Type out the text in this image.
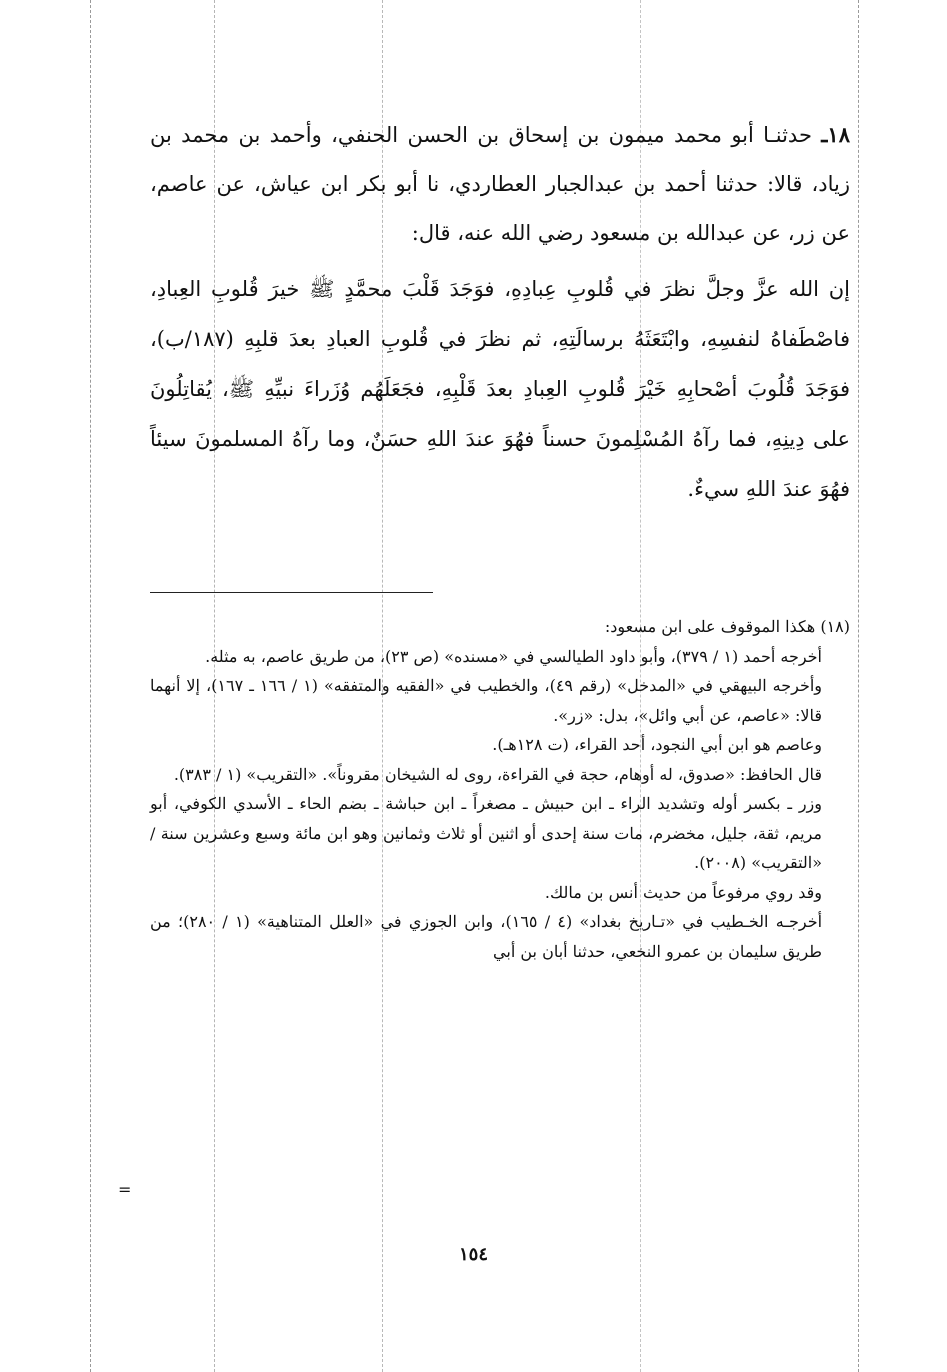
١٨ـ حدثنـا أبو محمد ميمون بن إسحاق بن الحسن الحنفي، وأحمد بن محمد بن زياد، قالا: حدثنا أحمد بن عبدالجبار العطاردي، نا أبو بكر ابن عياش، عن عاصم، عن زر، عن عبدالله بن مسعود رضي الله عنه، قال:

إن الله عزَّ وجلَّ نظرَ في قُلوبِ عِبادِهِ، فوَجَدَ قَلْبَ محمَّدٍ ﷺ خيرَ قُلوبِ العِبادِ، فاصْطَفاهُ لنفسِهِ، وابْتَعَثَهُ برسالَتِهِ، ثم نظرَ في قُلوبِ العبادِ بعدَ قلبِهِ (١٨٧/ب)، فوَجَدَ قُلُوبَ أصْحابِهِ خَيْرَ قُلوبِ العِبادِ بعدَ قَلْبِهِ، فجَعَلَهُم وُزَراءَ نبيِّهِ ﷺ، يُقاتِلُونَ على دِينِهِ، فما رآهُ المُسْلِمونَ حسناً فهُوَ عندَ اللهِ حسَنٌ، وما رآهُ المسلمونَ سيئاً فهُوَ عندَ اللهِ سيءٌ.

(١٨) هكذا الموقوف على ابن مسعود:

أخرجه أحمد (١ / ٣٧٩)، وأبو داود الطيالسي في «مسنده» (ص ٢٣)، من طريق عاصم، به مثله.

وأخرجه البيهقي في «المدخل» (رقم ٤٩)، والخطيب في «الفقيه والمتفقه» (١ / ١٦٦ ـ ١٦٧)، إلا أنهما قالا: «عاصم، عن أبي وائل»، بدل: «زر».

وعاصم هو ابن أبي النجود، أحد القراء، (ت ١٢٨هـ).

قال الحافظ: «صدوق، له أوهام، حجة في القراءة، روى له الشيخان مقروناً». «التقريب» (١ / ٣٨٣).

وزر ـ بكسر أوله وتشديد الراء ـ ابن حبيش ـ مصغراً ـ ابن حباشة ـ بضم الحاء ـ الأسدي الكوفي، أبو مريم، ثقة، جليل، مخضرم، مات سنة إحدى أو اثنين أو ثلاث وثمانين وهو ابن مائة وسبع وعشرين سنة / «التقريب» (٢٠٠٨).

وقد روي مرفوعاً من حديث أنس بن مالك.

أخرجـه الخـطيب في «تـاريخ بغداد» (٤ / ١٦٥)، وابن الجوزي في «العلل المتناهية» (١ / ٢٨٠)؛ من طريق سليمان بن عمرو النخعي، حدثنا أبان بن أبي

=
١٥٤
